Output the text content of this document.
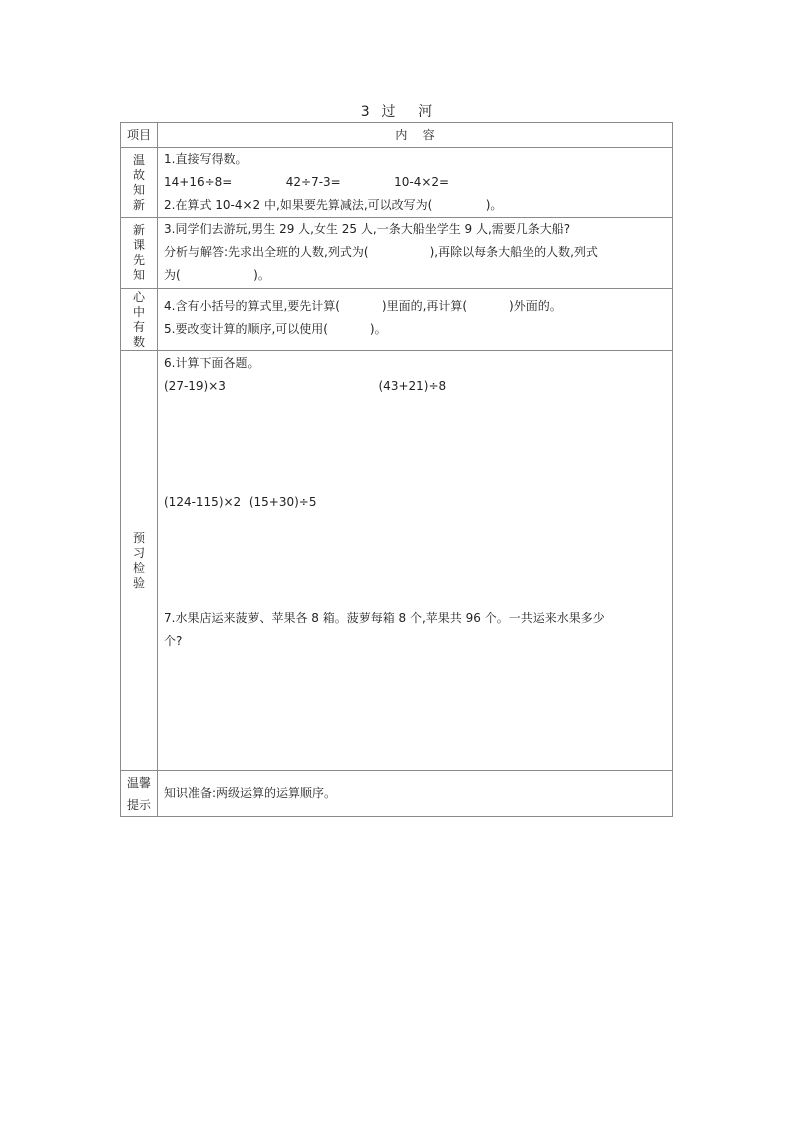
3  过    河
项目	内    容
温故知新	1.直接写得数。
14+16÷8=              42÷7-3=              10-4×2=
2.在算式 10-4×2 中,如果要先算减法,可以改写为(              )。

新课先知	3.同学们去游玩,男生 29 人,女生 25 人,一条大船坐学生 9 人,需要几条大船?
分析与解答:先求出全班的人数,列式为(                ),再除以每条大船坐的人数,列式
为(                   )。

心中有数	4.含有小括号的算式里,要先计算(           )里面的,再计算(           )外面的。
5.要改变计算的顺序,可以使用(           )。

预习检验	6.计算下面各题。
(27-19)×3                                        (43+21)÷8
(124-115)×2  (15+30)÷5
7.水果店运来菠萝、苹果各 8 箱。菠萝每箱 8 个,苹果共 96 个。一共运来水果多少
个?

温馨提示	知识准备:两级运算的运算顺序。
